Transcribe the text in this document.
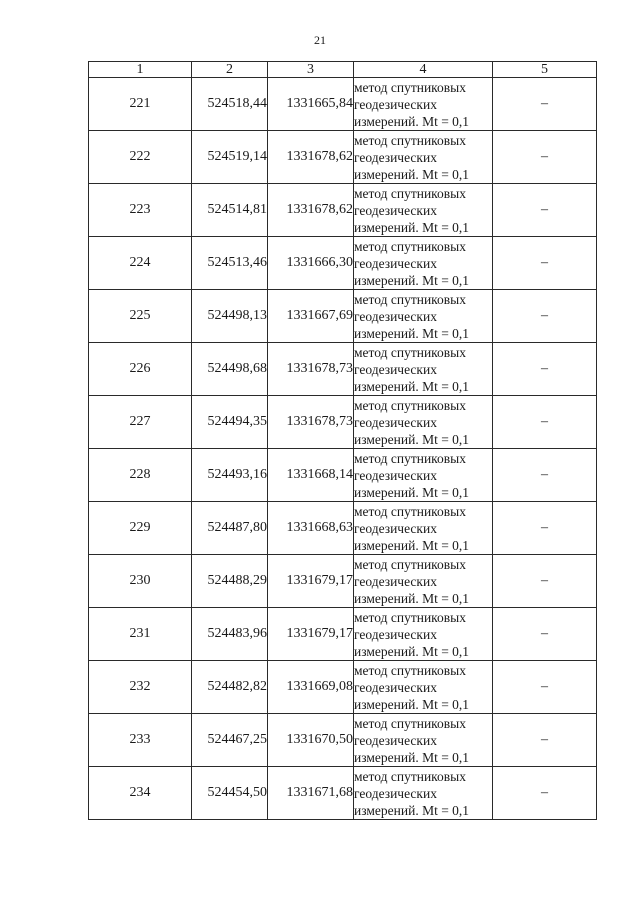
21
1	2	3	4	5
221	524518,44	1331665,84	метод спутниковых
геодезических
измерений. Mt = 0,1	–
222	524519,14	1331678,62	метод спутниковых
геодезических
измерений. Mt = 0,1	–
223	524514,81	1331678,62	метод спутниковых
геодезических
измерений. Mt = 0,1	–
224	524513,46	1331666,30	метод спутниковых
геодезических
измерений. Mt = 0,1	–
225	524498,13	1331667,69	метод спутниковых
геодезических
измерений. Mt = 0,1	–
226	524498,68	1331678,73	метод спутниковых
геодезических
измерений. Mt = 0,1	–
227	524494,35	1331678,73	метод спутниковых
геодезических
измерений. Mt = 0,1	–
228	524493,16	1331668,14	метод спутниковых
геодезических
измерений. Mt = 0,1	–
229	524487,80	1331668,63	метод спутниковых
геодезических
измерений. Mt = 0,1	–
230	524488,29	1331679,17	метод спутниковых
геодезических
измерений. Mt = 0,1	–
231	524483,96	1331679,17	метод спутниковых
геодезических
измерений. Mt = 0,1	–
232	524482,82	1331669,08	метод спутниковых
геодезических
измерений. Mt = 0,1	–
233	524467,25	1331670,50	метод спутниковых
геодезических
измерений. Mt = 0,1	–
234	524454,50	1331671,68	метод спутниковых
геодезических
измерений. Mt = 0,1	–
